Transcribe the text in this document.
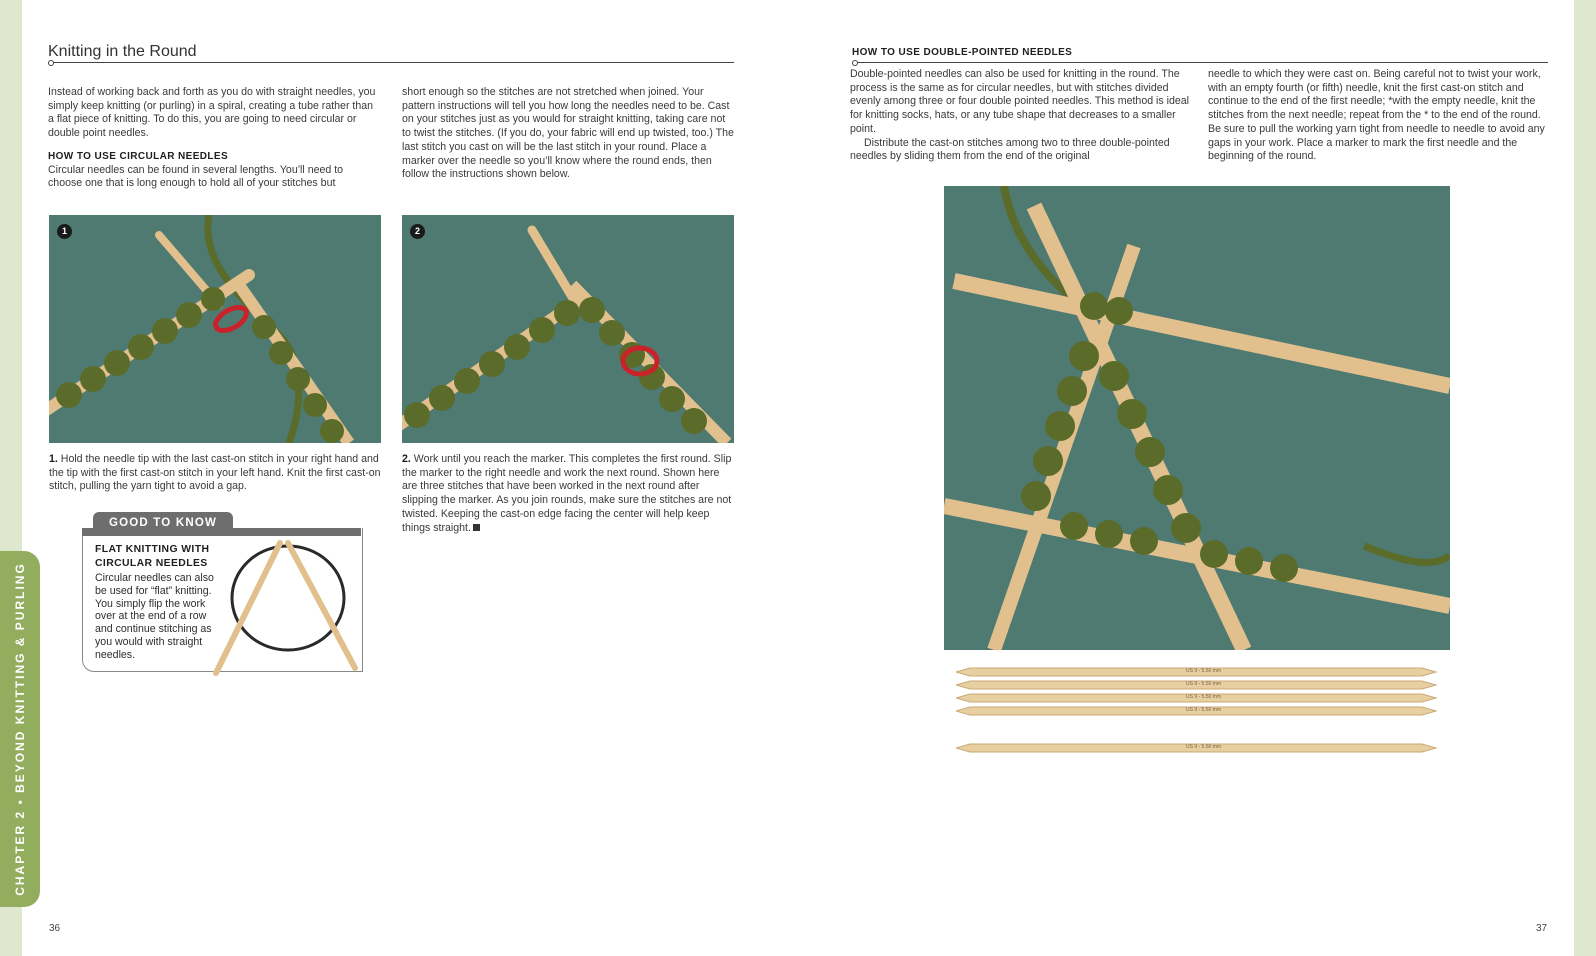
CHAPTER 2 • BEYOND KNITTING & PURLING
Knitting in the Round

Instead of working back and forth as you do with straight needles, you simply keep knitting (or purling) in a spiral, creating a tube rather than a flat piece of knitting. To do this, you are going to need circular or double point needles.

HOW TO USE CIRCULAR NEEDLES

Circular needles can be found in several lengths. You’ll need to choose one that is long enough to hold all of your stitches but

short enough so the stitches are not stretched when joined. Your pattern instructions will tell you how long the needles need to be. Cast on your stitches just as you would for straight knitting, taking care not to twist the stitches. (If you do, your fabric will end up twisted, too.) The last stitch you cast on will be the last stitch in your round. Place a marker over the needle so you’ll know where the round ends, then follow the instructions shown below.

1	2
1. Hold the needle tip with the last cast-on stitch in your right hand and the tip with the first cast-on stitch in your left hand. Knit the first cast-on stitch, pulling the yarn tight to avoid a gap.
2. Work until you reach the marker. This completes the first round. Slip the marker to the right needle and work the next round. Shown here are three stitches that have been worked in the next round after slipping the marker. As you join rounds, make sure the stitches are not twisted. Keeping the cast-on edge facing the center will help keep things straight.
GOOD TO KNOW
FLAT KNITTING WITH CIRCULAR NEEDLES
Circular needles can also be used for “flat” knitting. You simply flip the work over at the end of a row and continue stitching as you would with straight needles.
36
HOW TO USE DOUBLE-POINTED NEEDLES

Double-pointed needles can also be used for knitting in the round. The process is the same as for circular needles, but with stitches divided evenly among three or four double pointed needles. This method is ideal for knitting socks, hats, or any tube shape that decreases to a smaller point.

Distribute the cast-on stitches among two to three double-pointed needles by sliding them from the end of the original

needle to which they were cast on. Being careful not to twist your work, with an empty fourth (or fifth) needle, knit the first cast-on stitch and continue to the end of the first needle; *with the empty needle, knit the stitches from the next needle; repeat from the * to the end of the round. Be sure to pull the working yarn tight from needle to needle to avoid any gaps in your work. Place a marker to mark the first needle and the beginning of the round.

US 9 - 5.50 mm
US 9 - 5.50 mm
US 9 - 5.50 mm
US 9 - 5.50 mm
US 9 - 5.50 mm
37
